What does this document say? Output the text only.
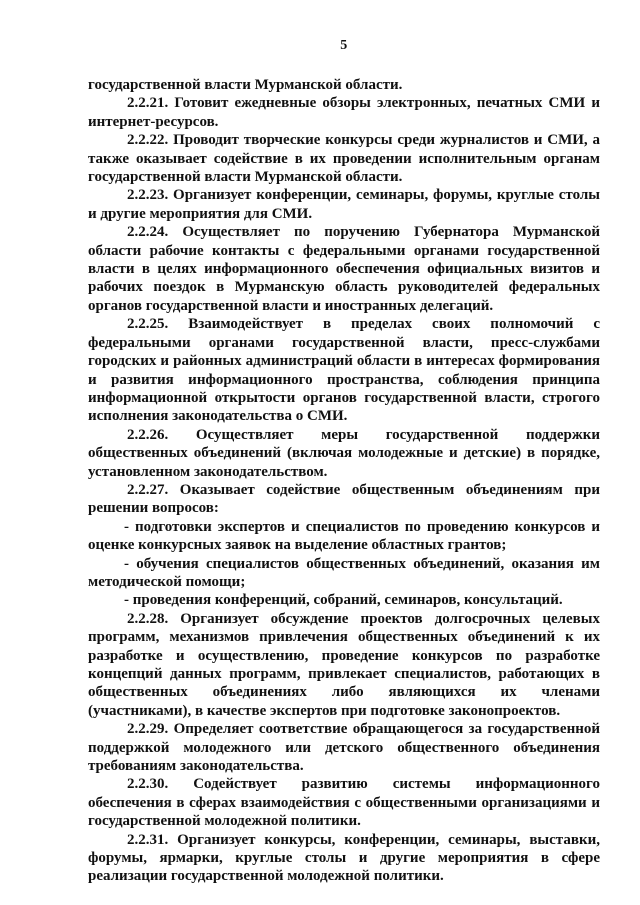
5

государственной власти Мурманской области.

2.2.21. Готовит ежедневные обзоры электронных, печатных СМИ и интернет-ресурсов.

2.2.22. Проводит творческие конкурсы среди журналистов и СМИ, а также оказывает содействие в их проведении исполнительным органам государственной власти Мурманской области.

2.2.23. Организует конференции, семинары, форумы, круглые столы и другие мероприятия для СМИ.

2.2.24. Осуществляет по поручению Губернатора Мурманской области рабочие контакты с федеральными органами государственной власти в целях информационного обеспечения официальных визитов и рабочих поездок в Мурманскую область руководителей федеральных органов государственной власти и иностранных делегаций.

2.2.25. Взаимодействует в пределах своих полномочий с федеральными органами государственной власти, пресс-службами городских и районных администраций области в интересах формирования и развития информационного пространства, соблюдения принципа информационной открытости органов государственной власти, строгого исполнения законодательства о СМИ.

2.2.26. Осуществляет меры государственной поддержки общественных объединений (включая молодежные и детские) в порядке, установленном законодательством.

2.2.27. Оказывает содействие общественным объединениям при решении вопросов:

- подготовки экспертов и специалистов по проведению конкурсов и оценке конкурсных заявок на выделение областных грантов;

- обучения специалистов общественных объединений, оказания им методической помощи;

- проведения конференций, собраний, семинаров, консультаций.

2.2.28. Организует обсуждение проектов долгосрочных целевых программ, механизмов привлечения общественных объединений к их разработке и осуществлению, проведение конкурсов по разработке концепций данных программ, привлекает специалистов, работающих в общественных объединениях либо являющихся их членами (участниками), в качестве экспертов при подготовке законопроектов.

2.2.29. Определяет соответствие обращающегося за государственной поддержкой молодежного или детского общественного объединения требованиям законодательства.

2.2.30. Содействует развитию системы информационного обеспечения в сферах взаимодействия с общественными организациями и государственной молодежной политики.

2.2.31. Организует конкурсы, конференции, семинары, выставки, форумы, ярмарки, круглые столы и другие мероприятия в сфере реализации государственной молодежной политики.
